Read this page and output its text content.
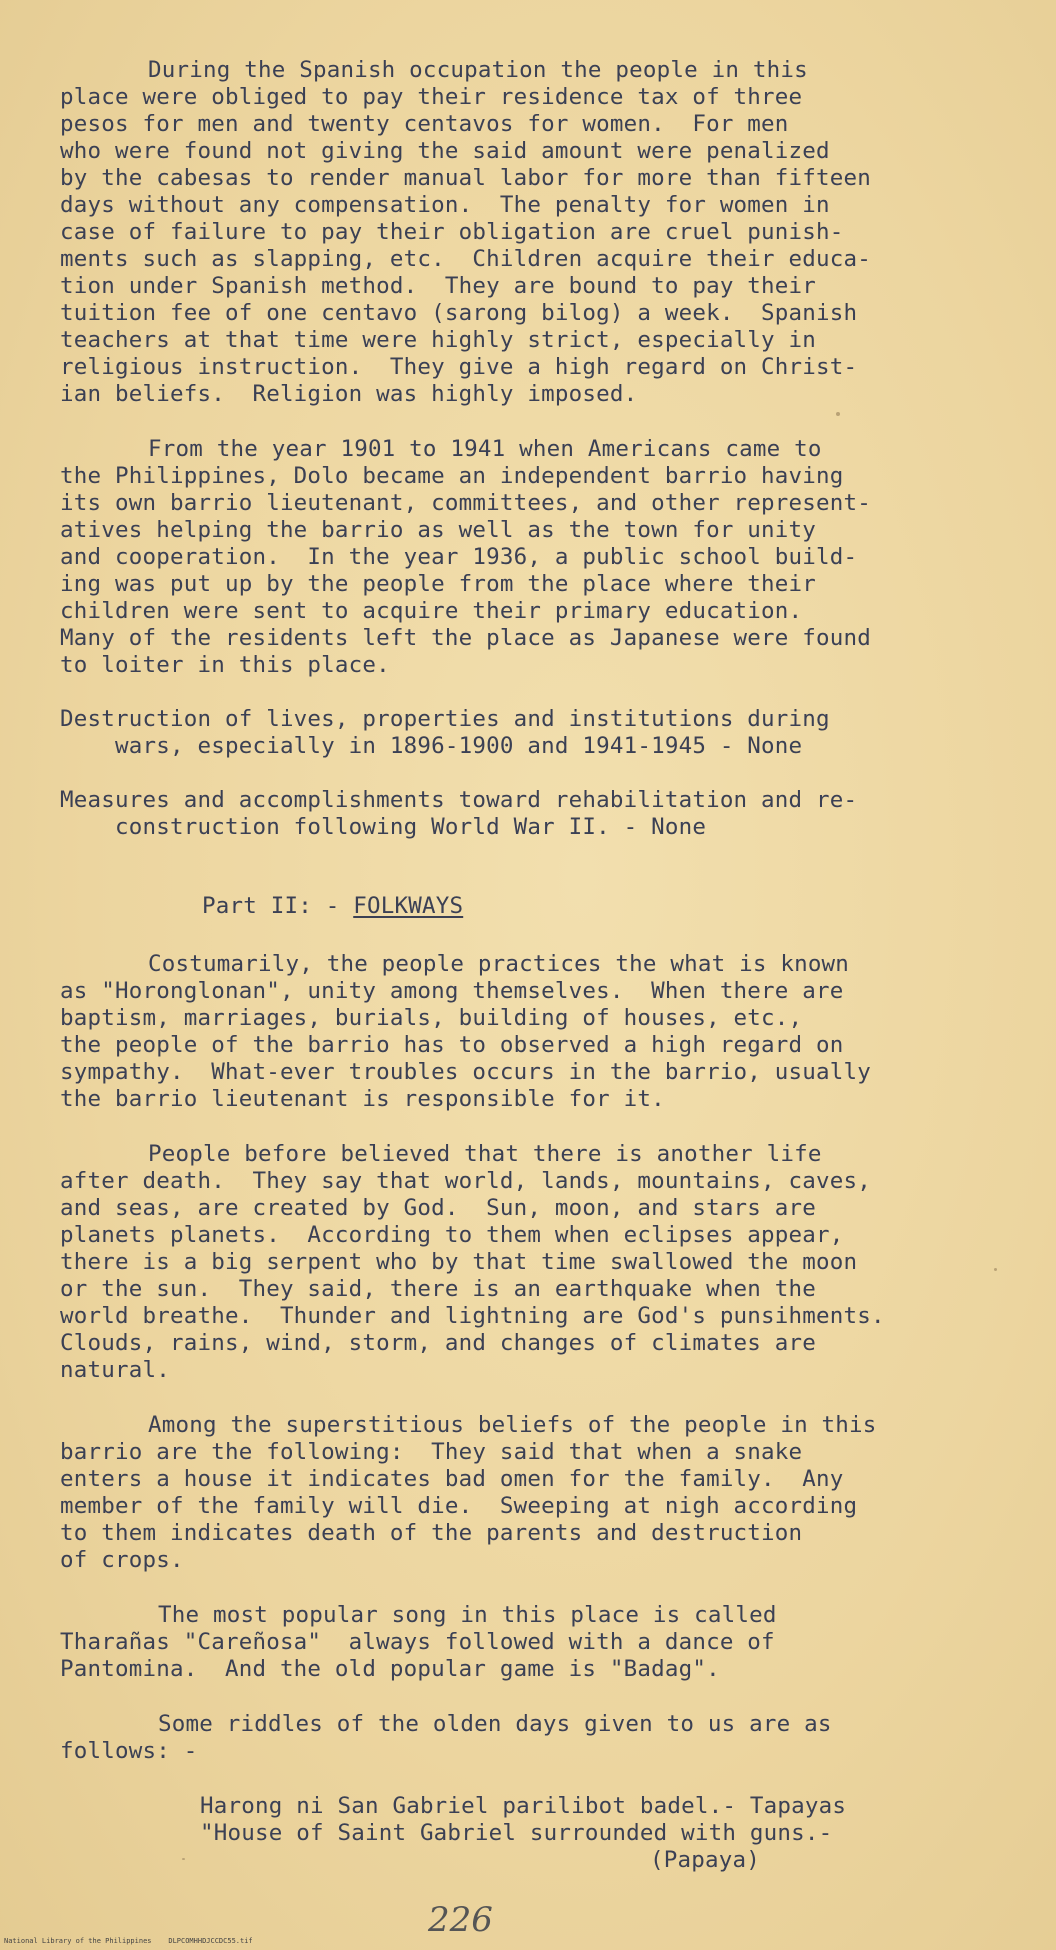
During the Spanish occupation the people in this
place were obliged to pay their residence tax of three
pesos for men and twenty centavos for women.  For men
who were found not giving the said amount were penalized
by the cabesas to render manual labor for more than fifteen
days without any compensation.  The penalty for women in
case of failure to pay their obligation are cruel punish-
ments such as slapping, etc.  Children acquire their educa-
tion under Spanish method.  They are bound to pay their
tuition fee of one centavo (sarong bilog) a week.  Spanish
teachers at that time were highly strict, especially in
religious instruction.  They give a high regard on Christ-
ian beliefs.  Religion was highly imposed.
From the year 1901 to 1941 when Americans came to
the Philippines, Dolo became an independent barrio having
its own barrio lieutenant, committees, and other represent-
atives helping the barrio as well as the town for unity
and cooperation.  In the year 1936, a public school build-
ing was put up by the people from the place where their
children were sent to acquire their primary education.
Many of the residents left the place as Japanese were found
to loiter in this place.
Destruction of lives, properties and institutions during
wars, especially in 1896-1900 and 1941-1945 - None
Measures and accomplishments toward rehabilitation and re-
construction following World War II. - None
Part II: - FOLKWAYS
Costumarily, the people practices the what is known
as "Horonglonan", unity among themselves.  When there are
baptism, marriages, burials, building of houses, etc.,
the people of the barrio has to observed a high regard on
sympathy.  What-ever troubles occurs in the barrio, usually
the barrio lieutenant is responsible for it.
People before believed that there is another life
after death.  They say that world, lands, mountains, caves,
and seas, are created by God.  Sun, moon, and stars are
planets planets.  According to them when eclipses appear,
there is a big serpent who by that time swallowed the moon
or the sun.  They said, there is an earthquake when the
world breathe.  Thunder and lightning are God's punsihments.
Clouds, rains, wind, storm, and changes of climates are
natural.
Among the superstitious beliefs of the people in this
barrio are the following:  They said that when a snake
enters a house it indicates bad omen for the family.  Any
member of the family will die.  Sweeping at nigh according
to them indicates death of the parents and destruction
of crops.
The most popular song in this place is called
Tharañas "Careñosa"  always followed with a dance of
Pantomina.  And the old popular game is "Badag".
Some riddles of the olden days given to us are as
follows: -
Harong ni San Gabriel parilibot badel.- Tapayas
"House of Saint Gabriel surrounded with guns.-
(Papaya)
226
National Library of the Philippines    DLPCOMHHDJCCDC55.tif
